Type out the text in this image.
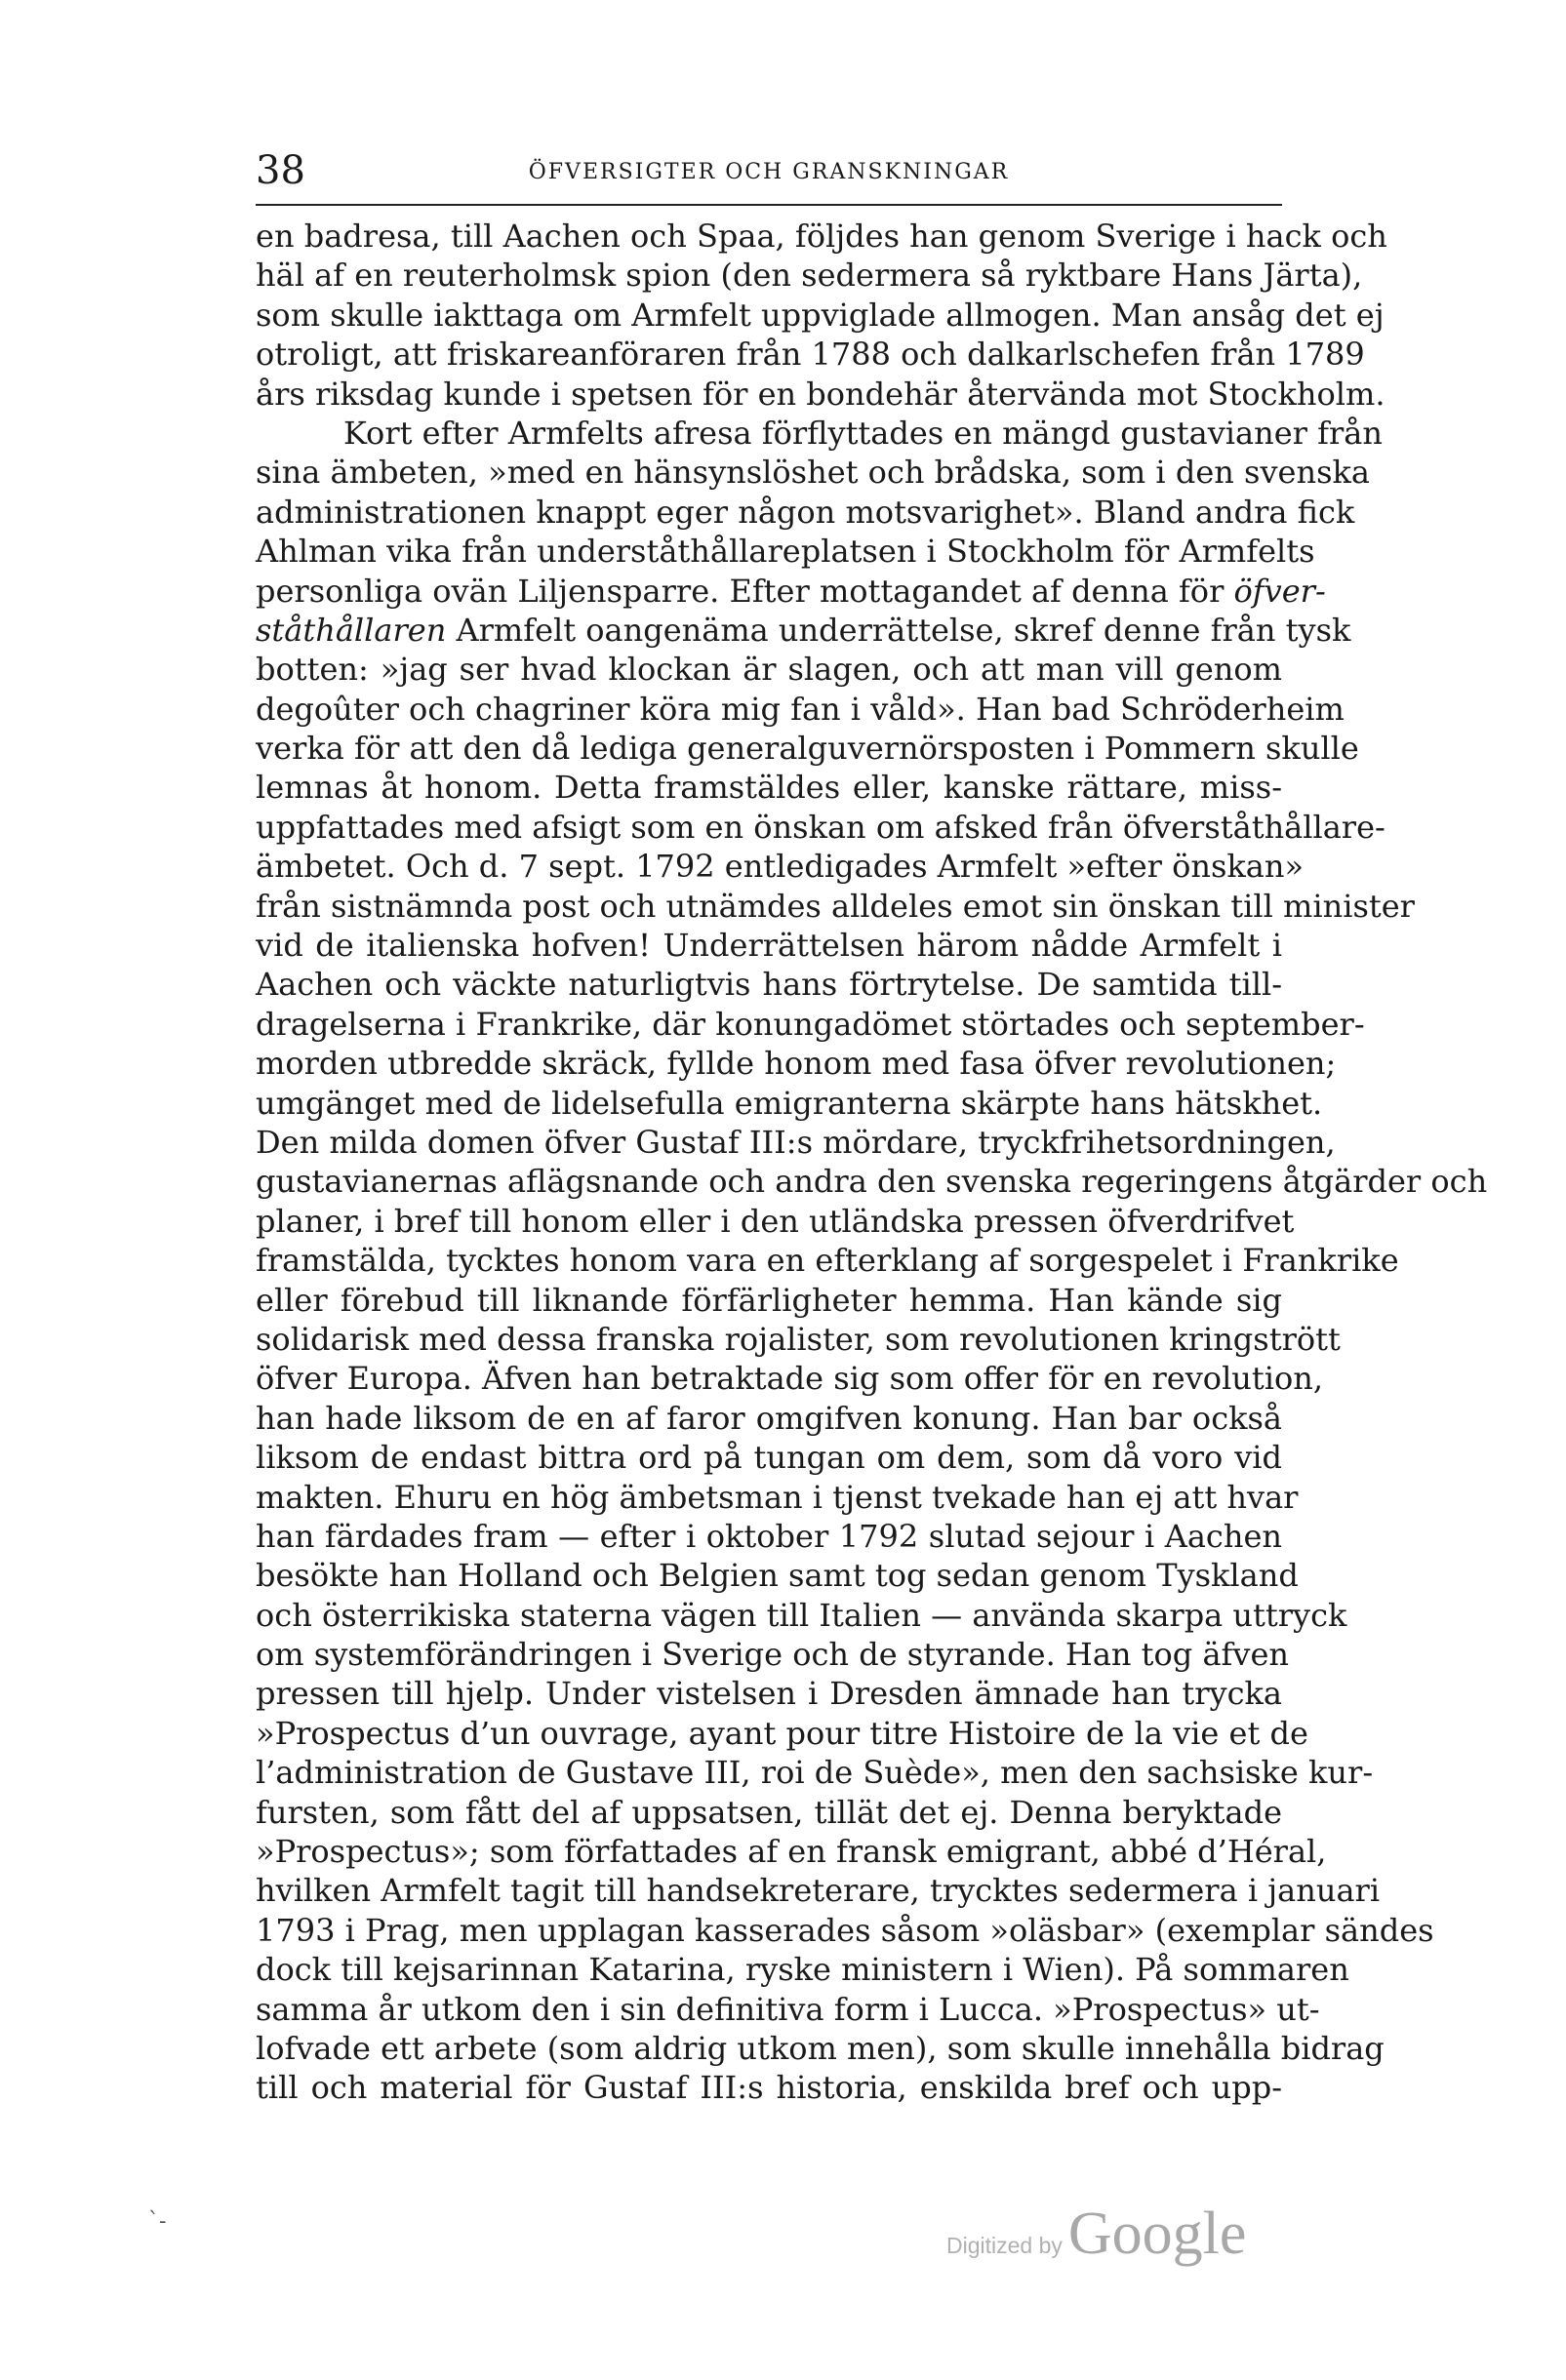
38	ÖFVERSIGTER OCH GRANSKNINGAR
en badresa, till Aachen och Spaa, följdes han genom Sverige i hack och
häl af en reuterholmsk spion (den sedermera så ryktbare Hans Järta),
som skulle iakttaga om Armfelt uppviglade allmogen. Man ansåg det ej
otroligt, att friskareanföraren från 1788 och dalkarlschefen från 1789
års riksdag kunde i spetsen för en bondehär återvända mot Stockholm.
Kort efter Armfelts afresa förflyttades en mängd gustavianer från
sina ämbeten, »med en hänsynslöshet och brådska, som i den svenska
administrationen knappt eger någon motsvarighet». Bland andra fick
Ahlman vika från underståthållareplatsen i Stockholm för Armfelts
personliga ovän Liljensparre. Efter mottagandet af denna för öfver-
ståthållaren Armfelt oangenäma underrättelse, skref denne från tysk
botten: »jag ser hvad klockan är slagen, och att man vill genom
degoûter och chagriner köra mig fan i våld». Han bad Schröderheim
verka för att den då lediga generalguvernörsposten i Pommern skulle
lemnas åt honom. Detta framstäldes eller, kanske rättare, miss-
uppfattades med afsigt som en önskan om afsked från öfverståthållare-
ämbetet. Och d. 7 sept. 1792 entledigades Armfelt »efter önskan»
från sistnämnda post och utnämdes alldeles emot sin önskan till minister
vid de italienska hofven! Underrättelsen härom nådde Armfelt i
Aachen och väckte naturligtvis hans förtrytelse. De samtida till-
dragelserna i Frankrike, där konungadömet störtades och september-
morden utbredde skräck, fyllde honom med fasa öfver revolutionen;
umgänget med de lidelsefulla emigranterna skärpte hans hätskhet.
Den milda domen öfver Gustaf III:s mördare, tryckfrihetsordningen,
gustavianernas aflägsnande och andra den svenska regeringens åtgärder och
planer, i bref till honom eller i den utländska pressen öfverdrifvet
framstälda, tycktes honom vara en efterklang af sorgespelet i Frankrike
eller förebud till liknande förfärligheter hemma. Han kände sig
solidarisk med dessa franska rojalister, som revolutionen kringstrött
öfver Europa. Äfven han betraktade sig som offer för en revolution,
han hade liksom de en af faror omgifven konung. Han bar också
liksom de endast bittra ord på tungan om dem, som då voro vid
makten. Ehuru en hög ämbetsman i tjenst tvekade han ej att hvar
han färdades fram — efter i oktober 1792 slutad sejour i Aachen
besökte han Holland och Belgien samt tog sedan genom Tyskland
och österrikiska staterna vägen till Italien — använda skarpa uttryck
om systemförändringen i Sverige och de styrande. Han tog äfven
pressen till hjelp. Under vistelsen i Dresden ämnade han trycka
»Prospectus d’un ouvrage, ayant pour titre Histoire de la vie et de
l’administration de Gustave III, roi de Suède», men den sachsiske kur-
fursten, som fått del af uppsatsen, tillät det ej. Denna beryktade
»Prospectus»; som författades af en fransk emigrant, abbé d’Héral,
hvilken Armfelt tagit till handsekreterare, trycktes sedermera i januari
1793 i Prag, men upplagan kasserades såsom »oläsbar» (exemplar sändes
dock till kejsarinnan Katarina, ryske ministern i Wien). På sommaren
samma år utkom den i sin definitiva form i Lucca. »Prospectus» ut-
lofvade ett arbete (som aldrig utkom men), som skulle innehålla bidrag
till och material för Gustaf III:s historia, enskilda bref och upp-
`‐
Digitized byGoogle
